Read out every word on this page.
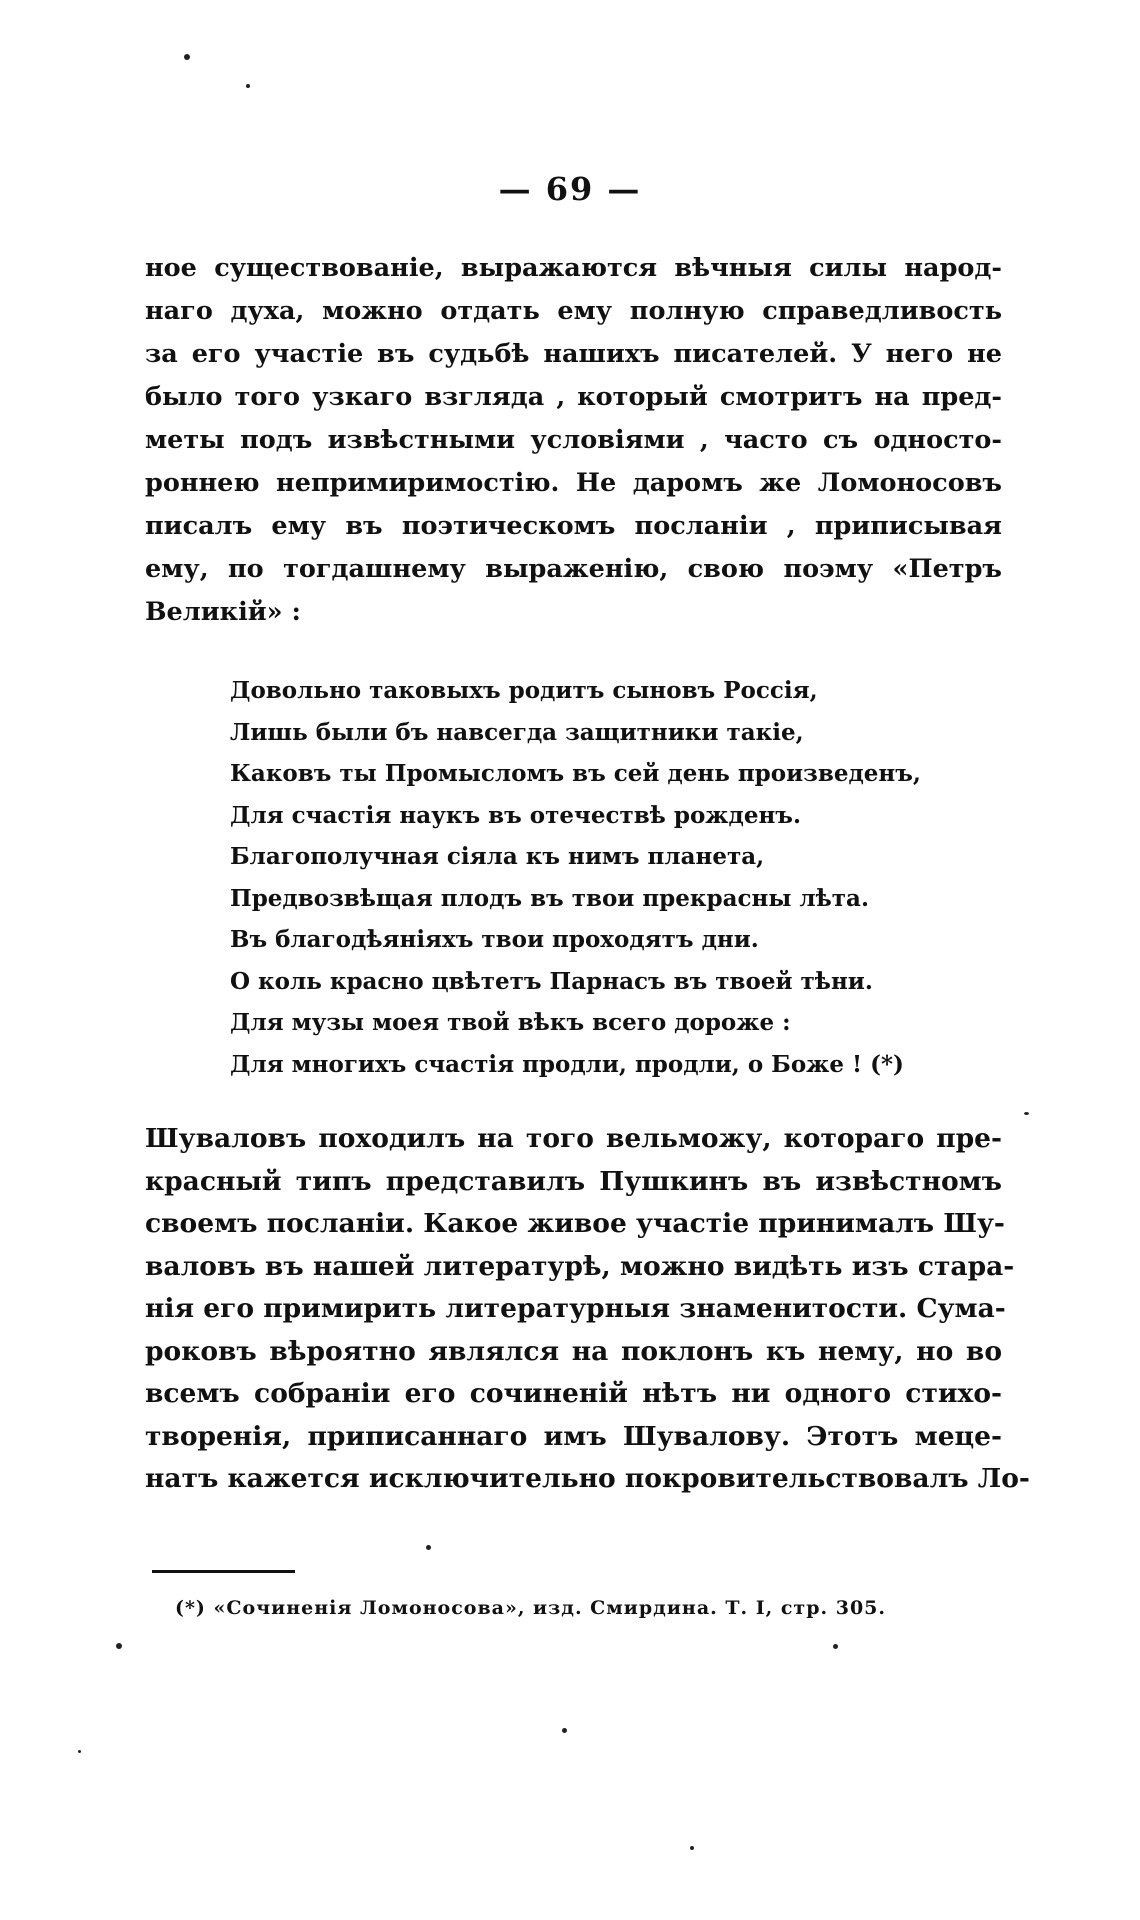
— 69 —
ное существованіе, выражаются вѣчныя силы народ-
наго духа, можно отдать ему полную справедливость
за его участіе въ судьбѣ нашихъ писателей. У него не
было того узкаго взгляда , который смотритъ на пред-
меты подъ извѣстными условіями , часто съ односто-
роннею непримиримостію. Не даромъ же Ломоносовъ
писалъ ему въ поэтическомъ посланіи , приписывая
ему, по тогдашнему выраженію, свою поэму «Петръ
Великій» :
Довольно таковыхъ родитъ сыновъ Россія,
Лишь были бъ навсегда защитники такіе,
Каковъ ты Промысломъ въ сей день произведенъ,
Для счастія наукъ въ отечествѣ рожденъ.
Благополучная сіяла къ нимъ планета,
Предвозвѣщая плодъ въ твои прекрасны лѣта.
Въ благодѣяніяхъ твои проходятъ дни.
О коль красно цвѣтетъ Парнасъ въ твоей тѣни.
Для музы моея твой вѣкъ всего дороже :
Для многихъ счастія продли, продли, о Боже ! (*)
Шуваловъ походилъ на того вельможу, котораго пре-
красный типъ представилъ Пушкинъ въ извѣстномъ
своемъ посланіи. Какое живое участіе принималъ Шу-
валовъ въ нашей литературѣ, можно видѣть изъ стара-
нія его примирить литературныя знаменитости. Сума-
роковъ вѣроятно являлся на поклонъ къ нему, но во
всемъ собраніи его сочиненій нѣтъ ни одного стихо-
творенія, приписаннаго имъ Шувалову. Этотъ мецe-
натъ кажется исключительно покровительствовалъ Ло-
(*) «Сочиненія Ломоносова», изд. Смирдина. Т. I, стр. 305.
